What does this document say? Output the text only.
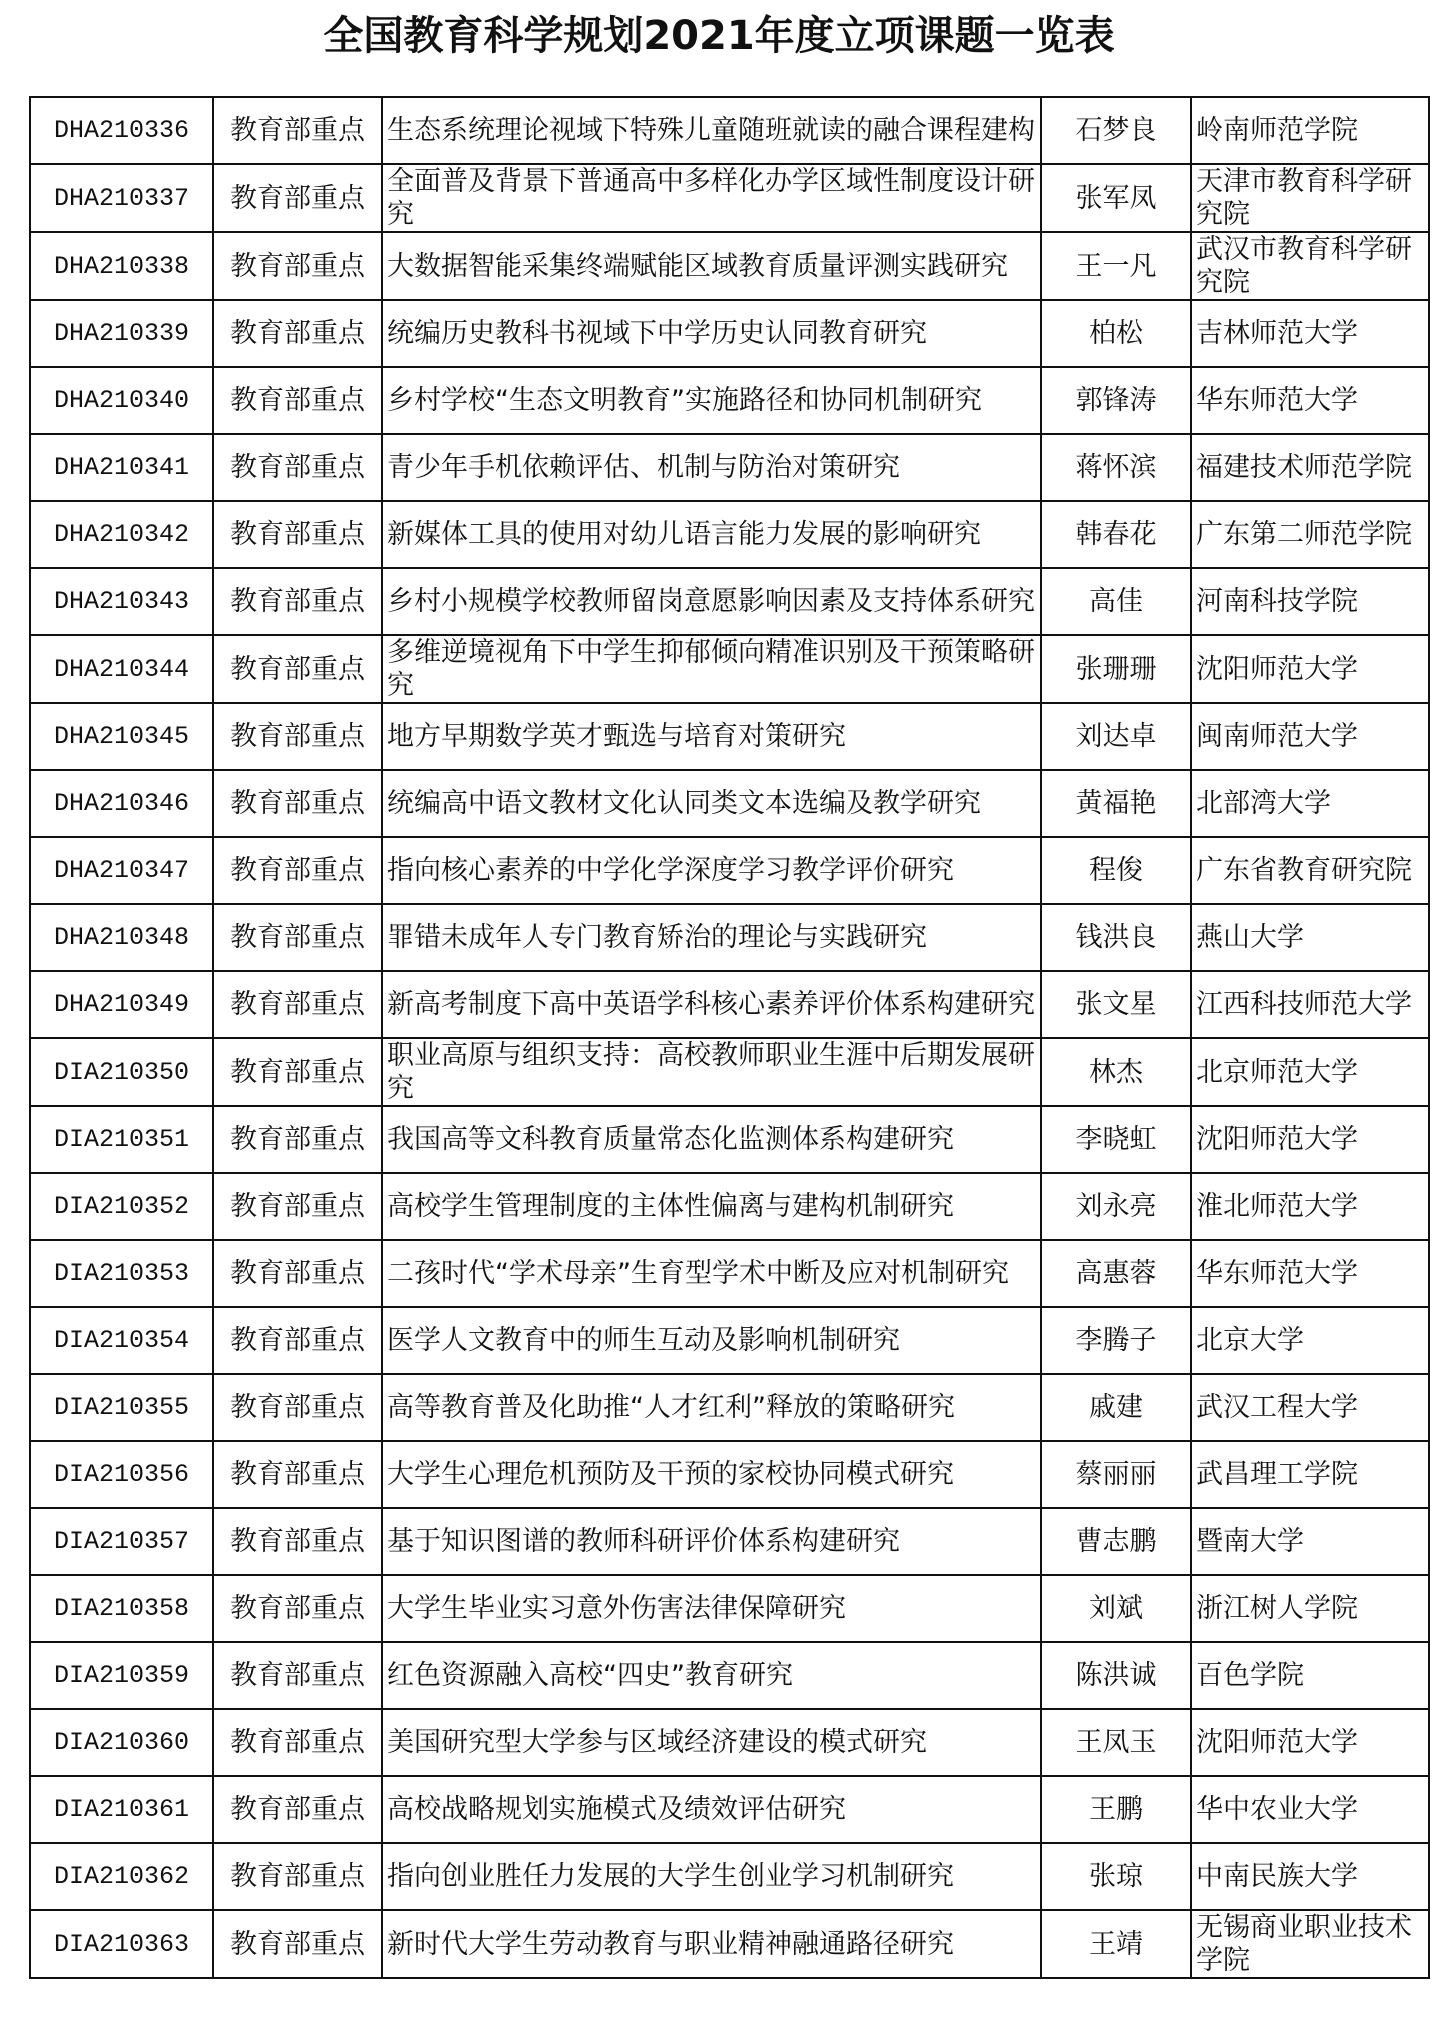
全国教育科学规划2021年度立项课题一览表
DHA210336	教育部重点	生态系统理论视域下特殊儿童随班就读的融合课程建构	石梦良	岭南师范学院
DHA210337	教育部重点	全面普及背景下普通高中多样化办学区域性制度设计研究	张军凤	天津市教育科学研究院
DHA210338	教育部重点	大数据智能采集终端赋能区域教育质量评测实践研究	王一凡	武汉市教育科学研究院
DHA210339	教育部重点	统编历史教科书视域下中学历史认同教育研究	柏松	吉林师范大学
DHA210340	教育部重点	乡村学校“生态文明教育”实施路径和协同机制研究	郭锋涛	华东师范大学
DHA210341	教育部重点	青少年手机依赖评估、机制与防治对策研究	蒋怀滨	福建技术师范学院
DHA210342	教育部重点	新媒体工具的使用对幼儿语言能力发展的影响研究	韩春花	广东第二师范学院
DHA210343	教育部重点	乡村小规模学校教师留岗意愿影响因素及支持体系研究	高佳	河南科技学院
DHA210344	教育部重点	多维逆境视角下中学生抑郁倾向精准识别及干预策略研究	张珊珊	沈阳师范大学
DHA210345	教育部重点	地方早期数学英才甄选与培育对策研究	刘达卓	闽南师范大学
DHA210346	教育部重点	统编高中语文教材文化认同类文本选编及教学研究	黄福艳	北部湾大学
DHA210347	教育部重点	指向核心素养的中学化学深度学习教学评价研究	程俊	广东省教育研究院
DHA210348	教育部重点	罪错未成年人专门教育矫治的理论与实践研究	钱洪良	燕山大学
DHA210349	教育部重点	新高考制度下高中英语学科核心素养评价体系构建研究	张文星	江西科技师范大学
DIA210350	教育部重点	职业高原与组织支持：高校教师职业生涯中后期发展研究	林杰	北京师范大学
DIA210351	教育部重点	我国高等文科教育质量常态化监测体系构建研究	李晓虹	沈阳师范大学
DIA210352	教育部重点	高校学生管理制度的主体性偏离与建构机制研究	刘永亮	淮北师范大学
DIA210353	教育部重点	二孩时代“学术母亲”生育型学术中断及应对机制研究	高惠蓉	华东师范大学
DIA210354	教育部重点	医学人文教育中的师生互动及影响机制研究	李腾子	北京大学
DIA210355	教育部重点	高等教育普及化助推“人才红利”释放的策略研究	戚建	武汉工程大学
DIA210356	教育部重点	大学生心理危机预防及干预的家校协同模式研究	蔡丽丽	武昌理工学院
DIA210357	教育部重点	基于知识图谱的教师科研评价体系构建研究	曹志鹏	暨南大学
DIA210358	教育部重点	大学生毕业实习意外伤害法律保障研究	刘斌	浙江树人学院
DIA210359	教育部重点	红色资源融入高校“四史”教育研究	陈洪诚	百色学院
DIA210360	教育部重点	美国研究型大学参与区域经济建设的模式研究	王凤玉	沈阳师范大学
DIA210361	教育部重点	高校战略规划实施模式及绩效评估研究	王鹏	华中农业大学
DIA210362	教育部重点	指向创业胜任力发展的大学生创业学习机制研究	张琼	中南民族大学
DIA210363	教育部重点	新时代大学生劳动教育与职业精神融通路径研究	王靖	无锡商业职业技术学院
